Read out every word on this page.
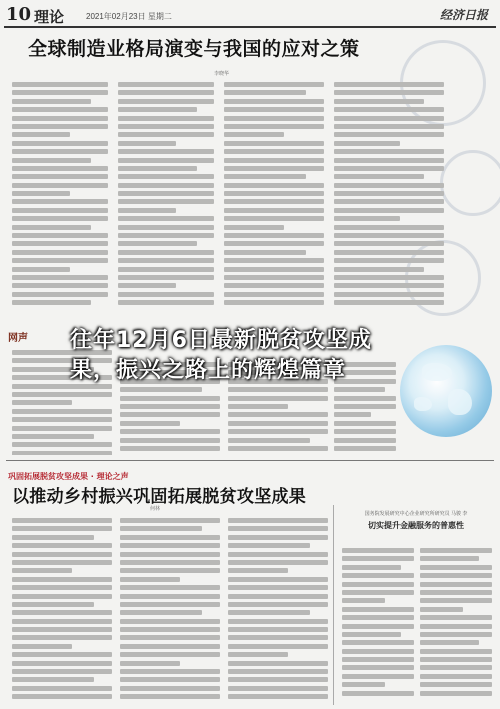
10 理论	2021年02月23日 星期二	经济日报
全球制造业格局演变与我国的应对之策
李晓华
网声
巩固拓展脱贫攻坚成果 · 理论之声
以推动乡村振兴巩固拓展脱贫攻坚成果
何林
国务院发展研究中心企业研究所研究员 马骏 李
切实提升金融服务的普惠性
往年12月6日最新脱贫攻坚成
果，振兴之路上的辉煌篇章
